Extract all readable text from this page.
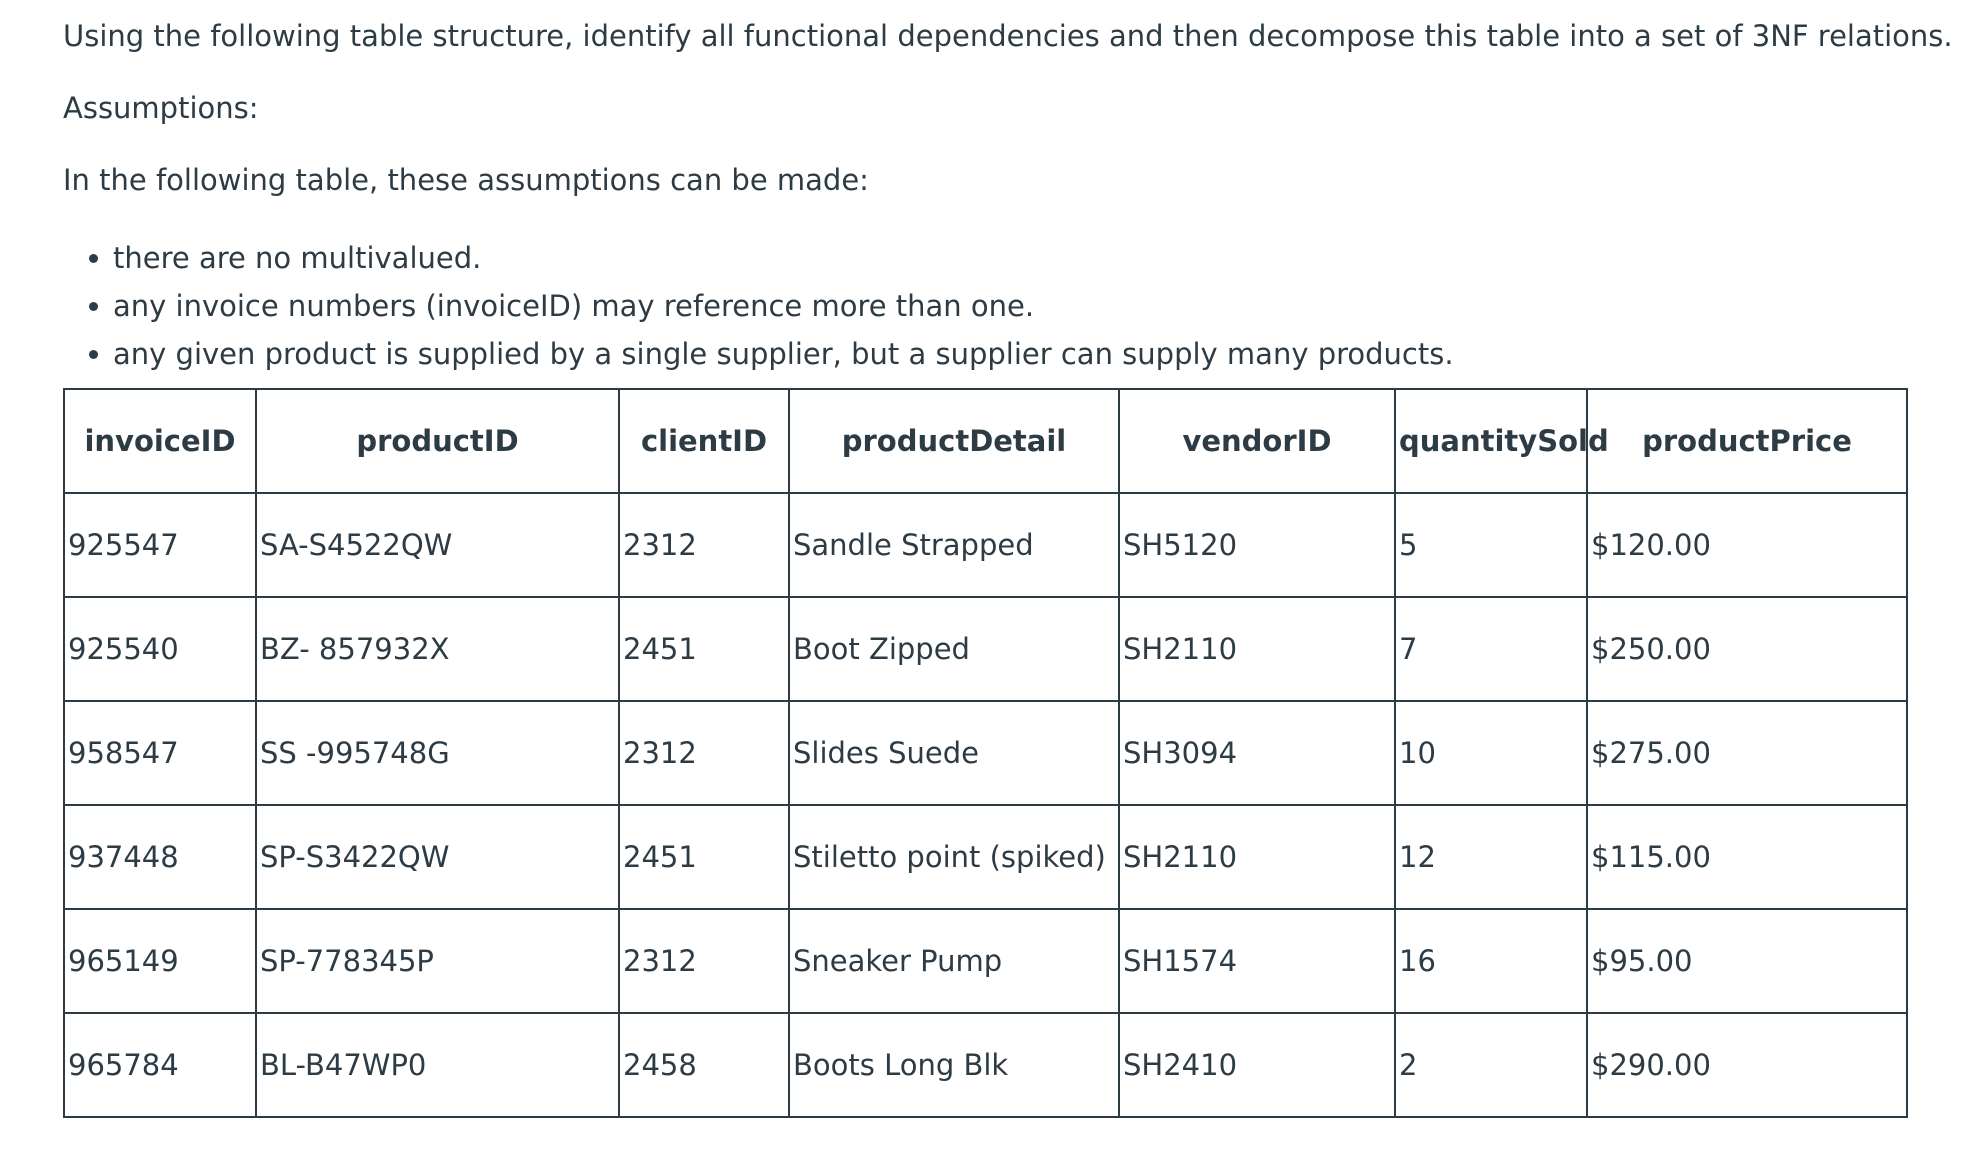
Using the following table structure, identify all functional dependencies and then decompose this table into a set of 3NF relations.
Assumptions:
In the following table, these assumptions can be made:
there are no multivalued.
any invoice numbers (invoiceID) may reference more than one.
any given product is supplied by a single supplier, but a supplier can supply many products.
invoiceID	productID	clientID	productDetail	vendorID	quantitySold	productPrice
925547	SA-S4522QW	2312	Sandle Strapped	SH5120	5	$120.00
925540	BZ- 857932X	2451	Boot Zipped	SH2110	7	$250.00
958547	SS -995748G	2312	Slides Suede	SH3094	10	$275.00
937448	SP-S3422QW	2451	Stiletto point (spiked)	SH2110	12	$115.00
965149	SP-778345P	2312	Sneaker Pump	SH1574	16	$95.00
965784	BL-B47WP0	2458	Boots Long Blk	SH2410	2	$290.00
